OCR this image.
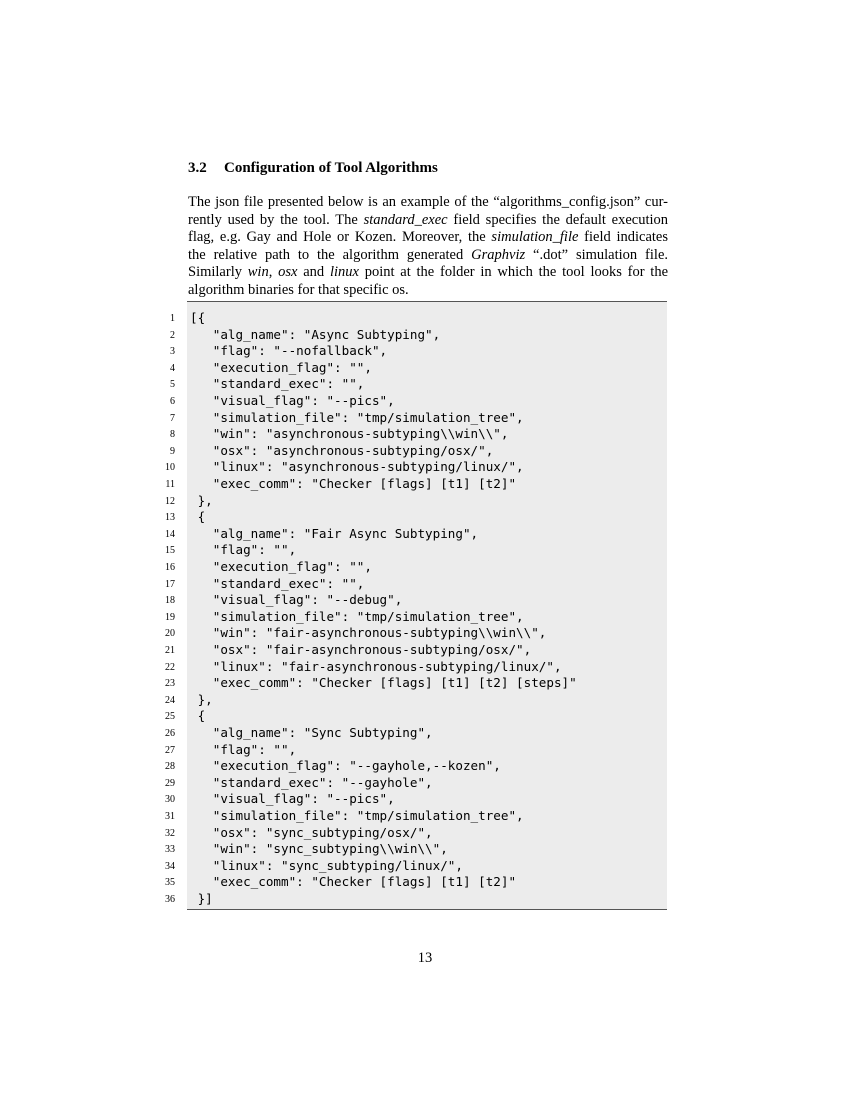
3.2 Configuration of Tool Algorithms
The json file presented below is an example of the “algorithms_config.json” cur-
rently used by the tool. The standard_exec field specifies the default execution
flag, e.g. Gay and Hole or Kozen. Moreover, the simulation_file field indicates
the relative path to the algorithm generated Graphviz “.dot” simulation file.
Similarly win, osx and linux point at the folder in which the tool looks for the
algorithm binaries for that specific os.
1 [{
2 "alg_name": "Async Subtyping",
3 "flag": "--nofallback",
4 "execution_flag": "",
5 "standard_exec": "",
6 "visual_flag": "--pics",
7 "simulation_file": "tmp/simulation_tree",
8 "win": "asynchronous-subtyping\\win\\",
9 "osx": "asynchronous-subtyping/osx/",
10 "linux": "asynchronous-subtyping/linux/",
11 "exec_comm": "Checker [flags] [t1] [t2]"
12 },
13 {
14 "alg_name": "Fair Async Subtyping",
15 "flag": "",
16 "execution_flag": "",
17 "standard_exec": "",
18 "visual_flag": "--debug",
19 "simulation_file": "tmp/simulation_tree",
20 "win": "fair-asynchronous-subtyping\\win\\",
21 "osx": "fair-asynchronous-subtyping/osx/",
22 "linux": "fair-asynchronous-subtyping/linux/",
23 "exec_comm": "Checker [flags] [t1] [t2] [steps]"
24 },
25 {
26 "alg_name": "Sync Subtyping",
27 "flag": "",
28 "execution_flag": "--gayhole,--kozen",
29 "standard_exec": "--gayhole",
30 "visual_flag": "--pics",
31 "simulation_file": "tmp/simulation_tree",
32 "osx": "sync_subtyping/osx/",
33 "win": "sync_subtyping\\win\\",
34 "linux": "sync_subtyping/linux/",
35 "exec_comm": "Checker [flags] [t1] [t2]"
36 }]
13
